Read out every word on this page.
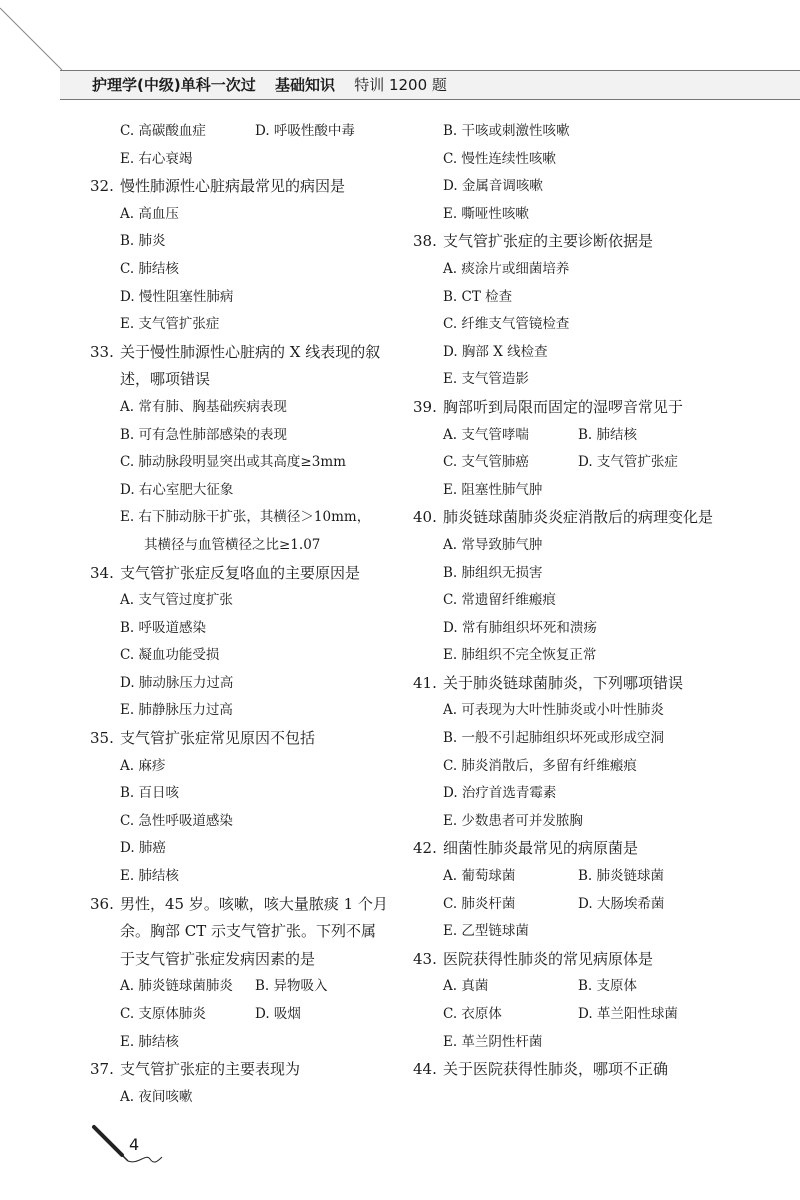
护理学(中级)单科一次过 基础知识 特训 1200 题
C. 高碳酸血症	D. 呼吸性酸中毒
E. 右心衰竭
32. 慢性肺源性心脏病最常见的病因是
A. 高血压
B. 肺炎
C. 肺结核
D. 慢性阻塞性肺病
E. 支气管扩张症
33. 关于慢性肺源性心脏病的 X 线表现的叙述，哪项错误
A. 常有肺、胸基础疾病表现
B. 可有急性肺部感染的表现
C. 肺动脉段明显突出或其高度≥3mm
D. 右心室肥大征象
E. 右下肺动脉干扩张，其横径＞10mm，
其横径与血管横径之比≥1.07
34. 支气管扩张症反复咯血的主要原因是
A. 支气管过度扩张
B. 呼吸道感染
C. 凝血功能受损
D. 肺动脉压力过高
E. 肺静脉压力过高
35. 支气管扩张症常见原因不包括
A. 麻疹
B. 百日咳
C. 急性呼吸道感染
D. 肺癌
E. 肺结核
36. 男性，45 岁。咳嗽，咳大量脓痰 1 个月余。胸部 CT 示支气管扩张。下列不属于支气管扩张症发病因素的是
A. 肺炎链球菌肺炎	B. 异物吸入
C. 支原体肺炎	D. 吸烟
E. 肺结核
37. 支气管扩张症的主要表现为
A. 夜间咳嗽
B. 干咳或刺激性咳嗽
C. 慢性连续性咳嗽
D. 金属音调咳嗽
E. 嘶哑性咳嗽
38. 支气管扩张症的主要诊断依据是
A. 痰涂片或细菌培养
B. CT 检查
C. 纤维支气管镜检查
D. 胸部 X 线检查
E. 支气管造影
39. 胸部听到局限而固定的湿啰音常见于
A. 支气管哮喘	B. 肺结核
C. 支气管肺癌	D. 支气管扩张症
E. 阻塞性肺气肿
40. 肺炎链球菌肺炎炎症消散后的病理变化是
A. 常导致肺气肿
B. 肺组织无损害
C. 常遗留纤维瘢痕
D. 常有肺组织坏死和溃疡
E. 肺组织不完全恢复正常
41. 关于肺炎链球菌肺炎，下列哪项错误
A. 可表现为大叶性肺炎或小叶性肺炎
B. 一般不引起肺组织坏死或形成空洞
C. 肺炎消散后，多留有纤维瘢痕
D. 治疗首选青霉素
E. 少数患者可并发脓胸
42. 细菌性肺炎最常见的病原菌是
A. 葡萄球菌	B. 肺炎链球菌
C. 肺炎杆菌	D. 大肠埃希菌
E. 乙型链球菌
43. 医院获得性肺炎的常见病原体是
A. 真菌	B. 支原体
C. 衣原体	D. 革兰阳性球菌
E. 革兰阴性杆菌
44. 关于医院获得性肺炎，哪项不正确
4
